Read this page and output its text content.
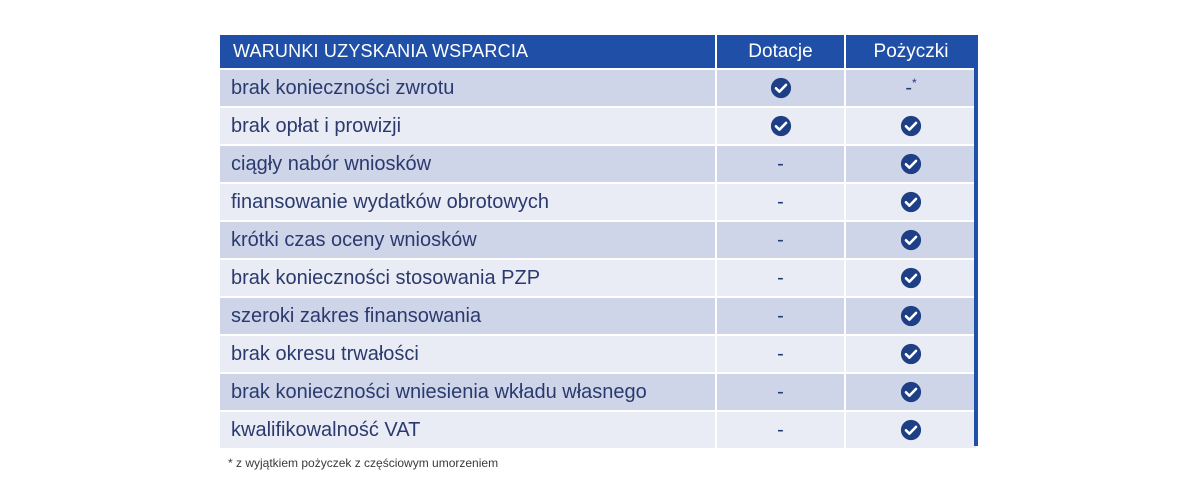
WARUNKI UZYSKANIA WSPARCIA	Dotacje	Pożyczki
brak konieczności zwrotu		-*
brak opłat i prowizji		
ciągły nabór wniosków	-	
finansowanie wydatków obrotowych	-	
krótki czas oceny wniosków	-	
brak konieczności stosowania PZP	-	
szeroki zakres finansowania	-	
brak okresu trwałości	-	
brak konieczności wniesienia wkładu własnego	-	
kwalifikowalność VAT	-	
* z wyjątkiem pożyczek z częściowym umorzeniem
